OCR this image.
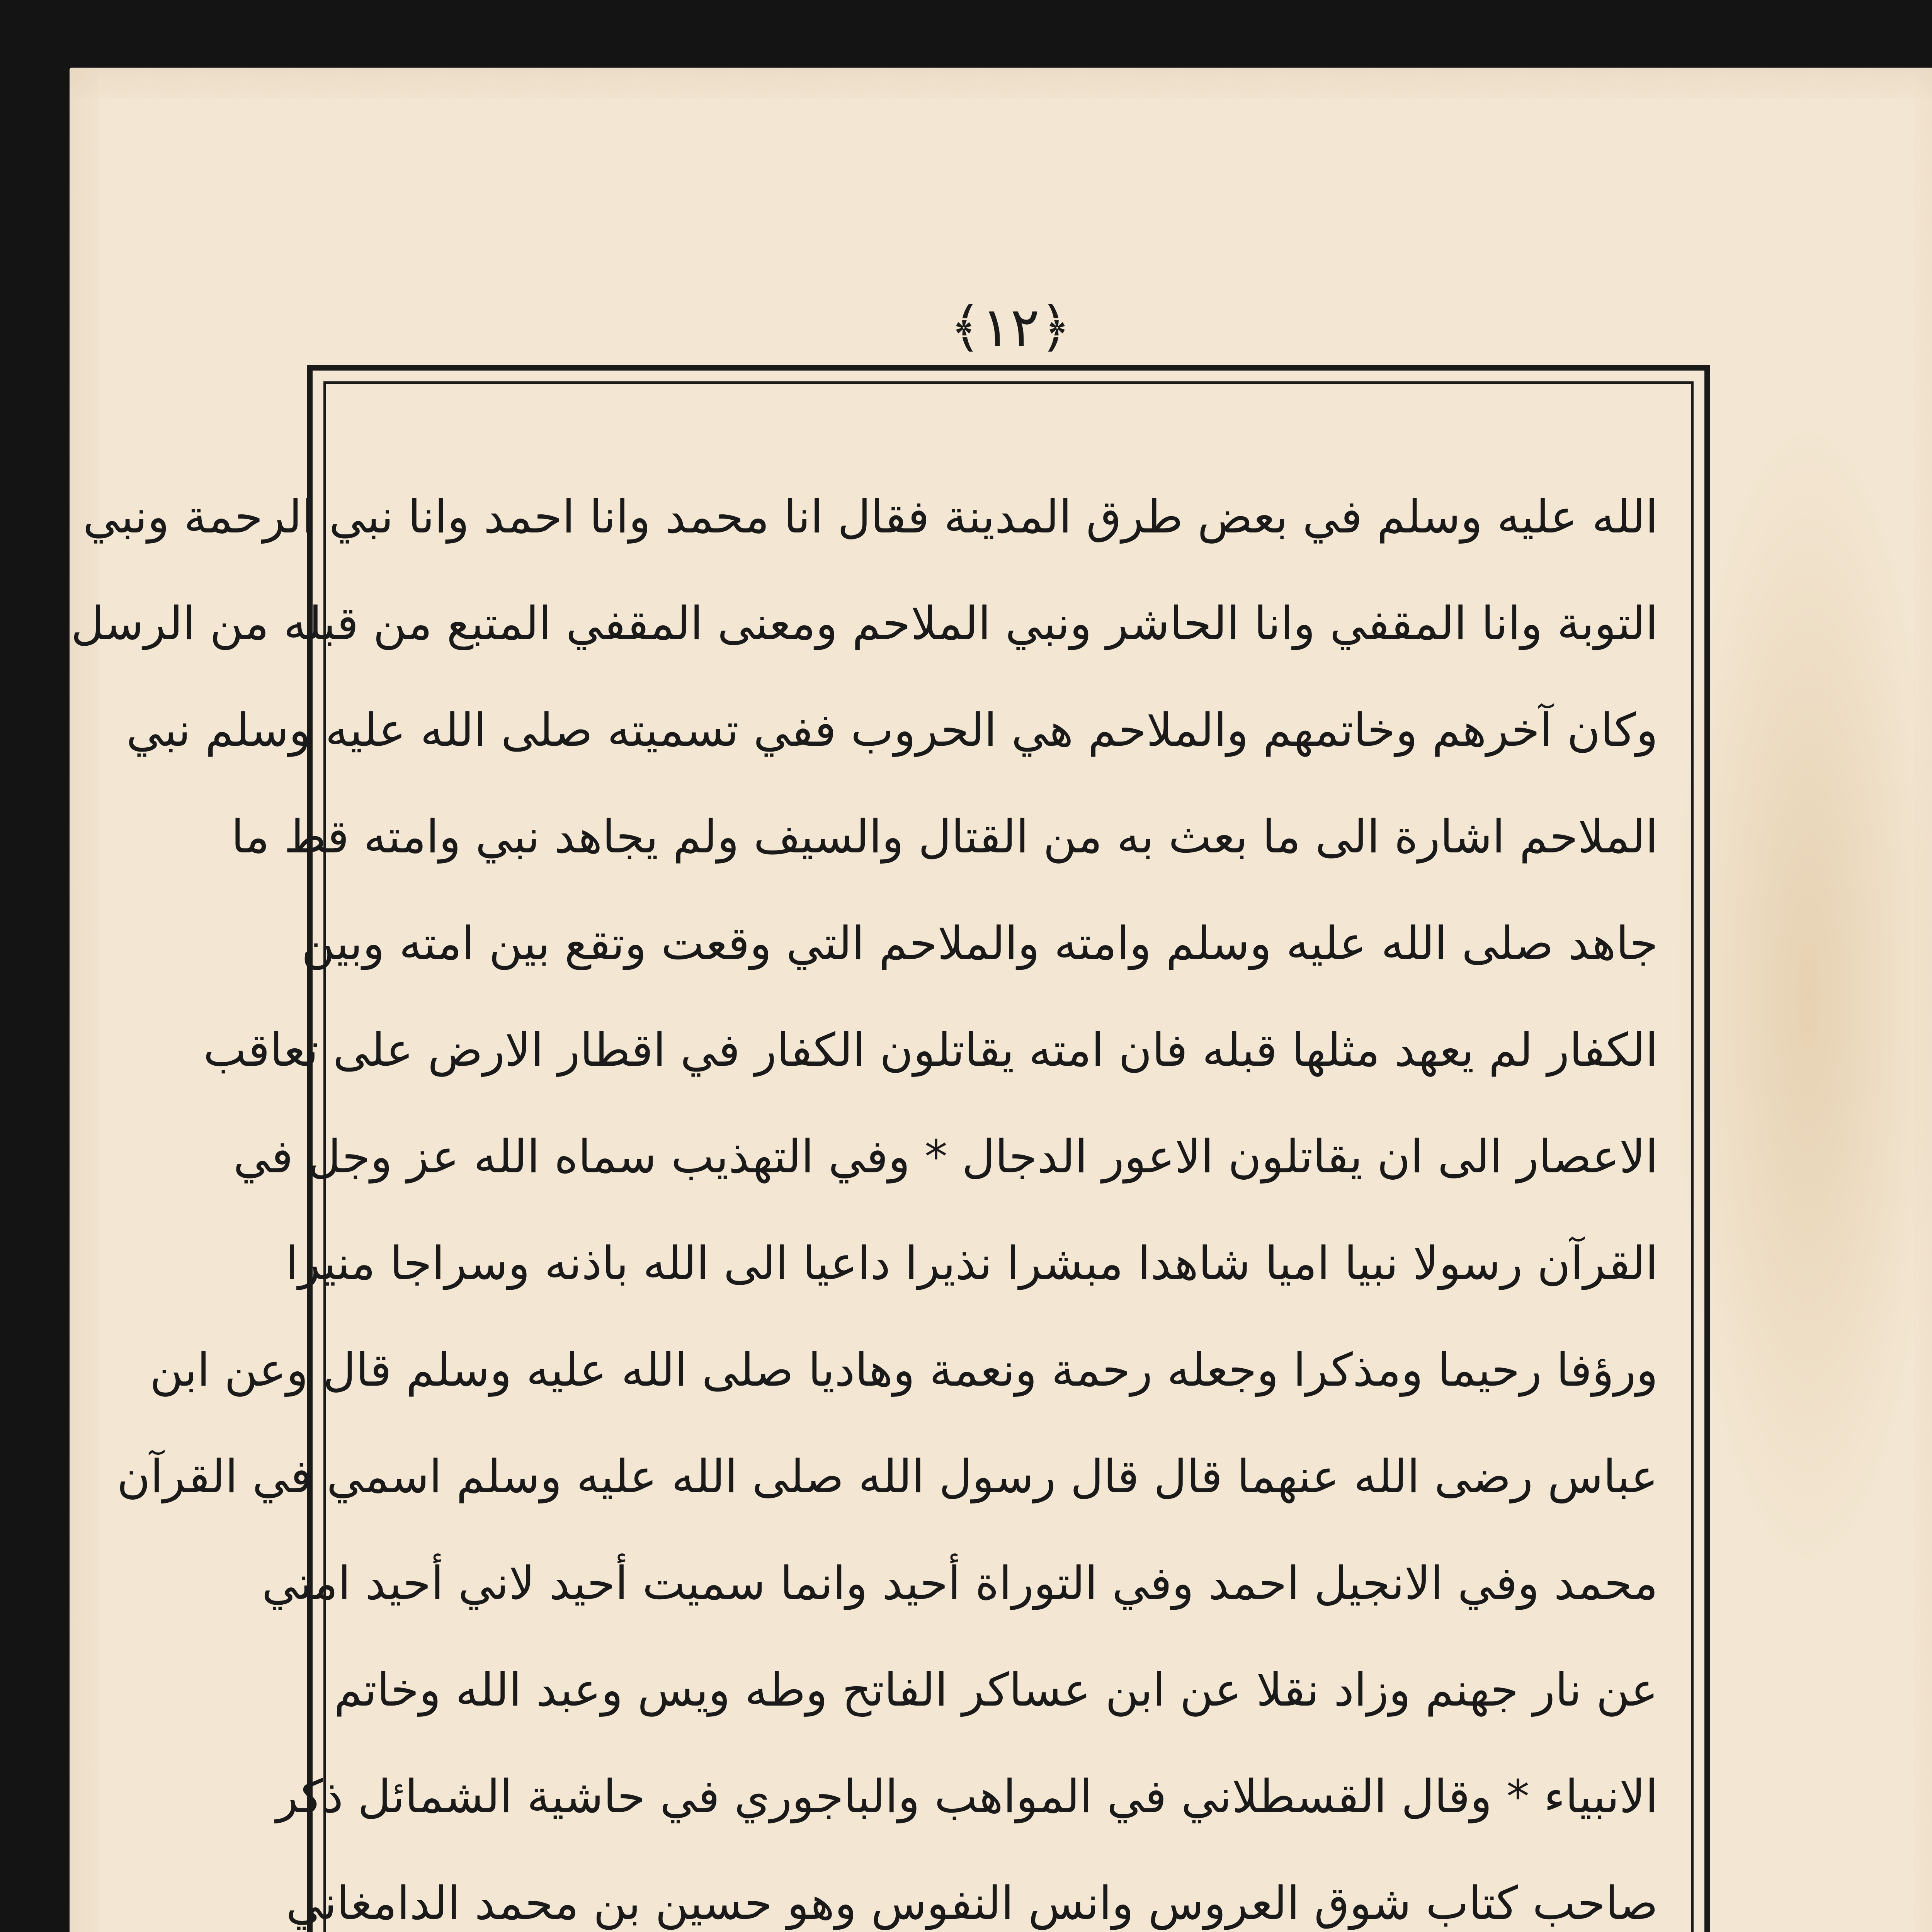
﴿١٢﴾
الله عليه وسلم في بعض طرق المدينة فقال انا محمد وانا احمد وانا نبي الرحمة ونبي
التوبة وانا المقفي وانا الحاشر ونبي الملاحم ومعنى المقفي المتبع من قبله من الرسل
وكان آخرهم وخاتمهم والملاحم هي الحروب ففي تسميته صلى الله عليه وسلم نبي
الملاحم اشارة الى ما بعث به من القتال والسيف ولم يجاهد نبي وامته قط ما
جاهد صلى الله عليه وسلم وامته والملاحم التي وقعت وتقع بين امته وبين
الكفار لم يعهد مثلها قبله فان امته يقاتلون الكفار في اقطار الارض على تعاقب
الاعصار الى ان يقاتلون الاعور الدجال * وفي التهذيب سماه الله عز وجل في
القرآن رسولا نبيا اميا شاهدا مبشرا نذيرا داعيا الى الله باذنه وسراجا منيرا
ورؤفا رحيما ومذكرا وجعله رحمة ونعمة وهاديا صلى الله عليه وسلم قال وعن ابن
عباس رضى الله عنهما قال قال رسول الله صلى الله عليه وسلم اسمي في القرآن
محمد وفي الانجيل احمد وفي التوراة أحيد وانما سميت أحيد لاني أحيد امتي
عن نار جهنم وزاد نقلا عن ابن عساكر الفاتح وطه ويس وعبد الله وخاتم
الانبياء * وقال القسطلاني في المواهب والباجوري في حاشية الشمائل ذكر
صاحب كتاب شوق العروس وانس النفوس وهو حسين بن محمد الدامغاني
